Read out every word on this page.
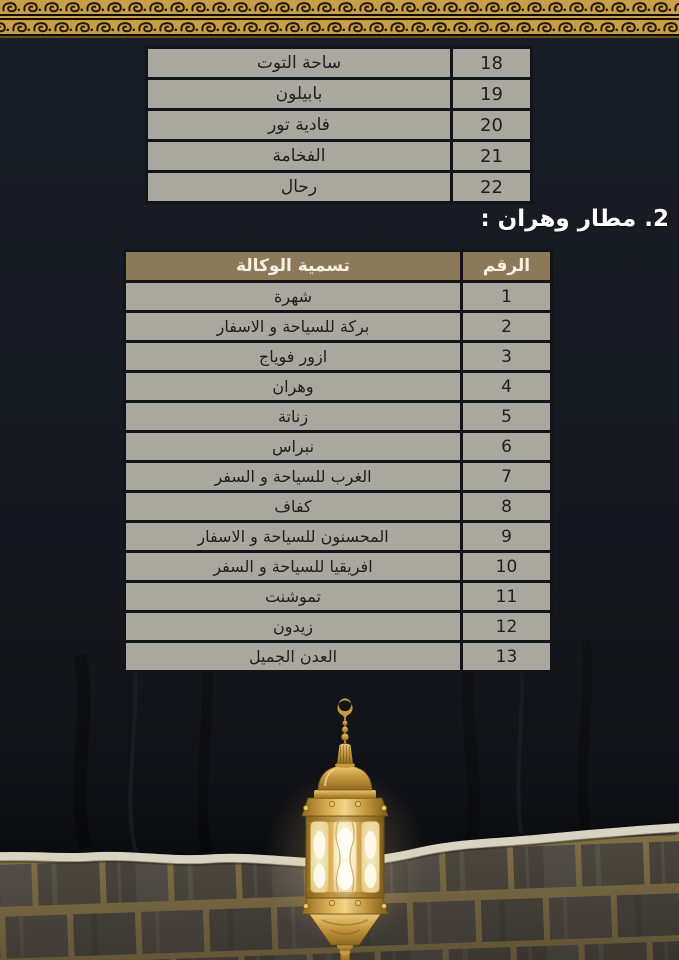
18	ساحة التوت
19	بابيلون
20	فادية تور
21	الفخامة
22	رحال
2. مطار وهران :
الرقم	تسمية الوكالة
1	شهرة
2	بركة للسياحة و الاسفار
3	ازور فوياج
4	وهران
5	زناتة
6	نبراس
7	الغرب للسياحة و السفر
8	كفاف
9	المحسنون للسياحة و الاسفار
10	افريقيا للسياحة و السفر
11	تموشنت
12	زيدون
13	العدن الجميل
